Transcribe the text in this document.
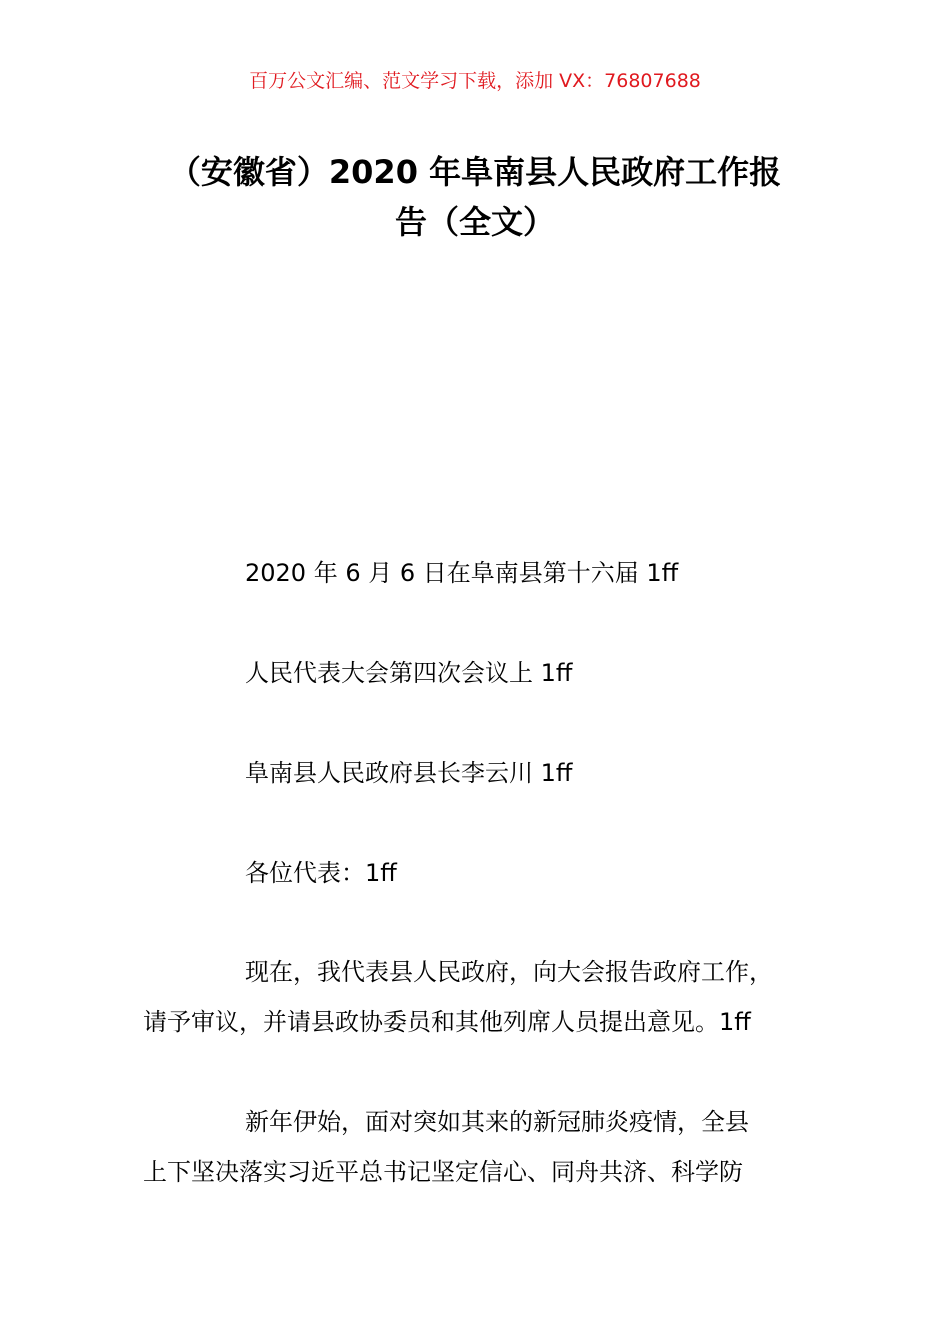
百万公文汇编、范文学习下载，添加 VX：76807688
（安徽省）2020 年阜南县人民政府工作报
告（全文）
2020 年 6 月 6 日在阜南县第十六届 1ff
人民代表大会第四次会议上 1ff
阜南县人民政府县长李云川 1ff
各位代表：1ff
现在，我代表县人民政府，向大会报告政府工作，
请予审议，并请县政协委员和其他列席人员提出意见。1ff
新年伊始，面对突如其来的新冠肺炎疫情，全县
上下坚决落实习近平总书记坚定信心、同舟共济、科学防
